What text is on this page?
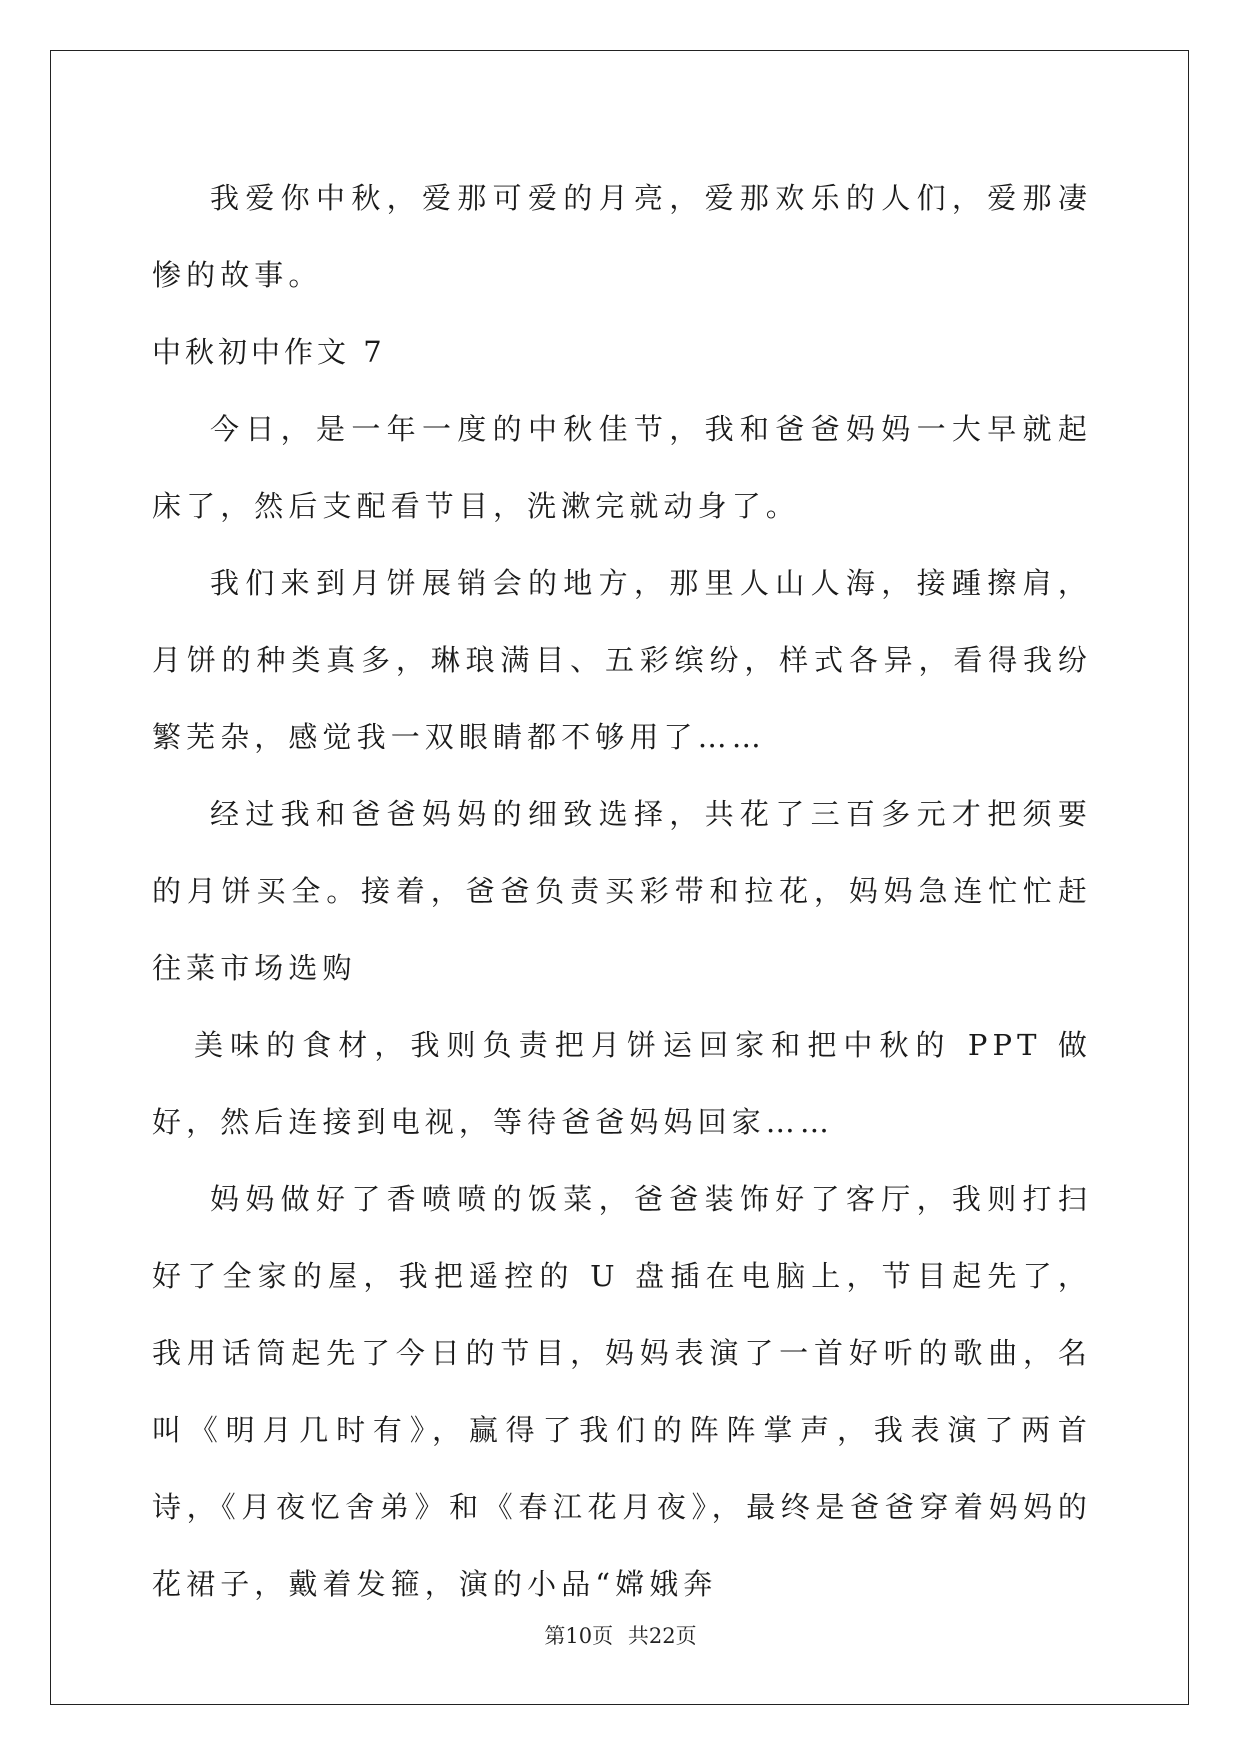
我爱你中秋，爱那可爱的月亮，爱那欢乐的人们，爱那凄惨的故事。

中秋初中作文 7

今日，是一年一度的中秋佳节，我和爸爸妈妈一大早就起床了，然后支配看节目，洗漱完就动身了。

我们来到月饼展销会的地方，那里人山人海，接踵擦肩，月饼的种类真多，琳琅满目、五彩缤纷，样式各异，看得我纷繁芜杂，感觉我一双眼睛都不够用了……

经过我和爸爸妈妈的细致选择，共花了三百多元才把须要的月饼买全。接着，爸爸负责买彩带和拉花，妈妈急连忙忙赶往菜市场选购

美味的食材，我则负责把月饼运回家和把中秋的 PPT 做好，然后连接到电视，等待爸爸妈妈回家……

妈妈做好了香喷喷的饭菜，爸爸装饰好了客厅，我则打扫好了全家的屋，我把遥控的 U 盘插在电脑上，节目起先了，我用话筒起先了今日的节目，妈妈表演了一首好听的歌曲，名叫《明月几时有》，赢得了我们的阵阵掌声，我表演了两首诗，《月夜忆舍弟》和《春江花月夜》，最终是爸爸穿着妈妈的花裙子，戴着发箍，演的小品“嫦娥奔

第10页 共22页
